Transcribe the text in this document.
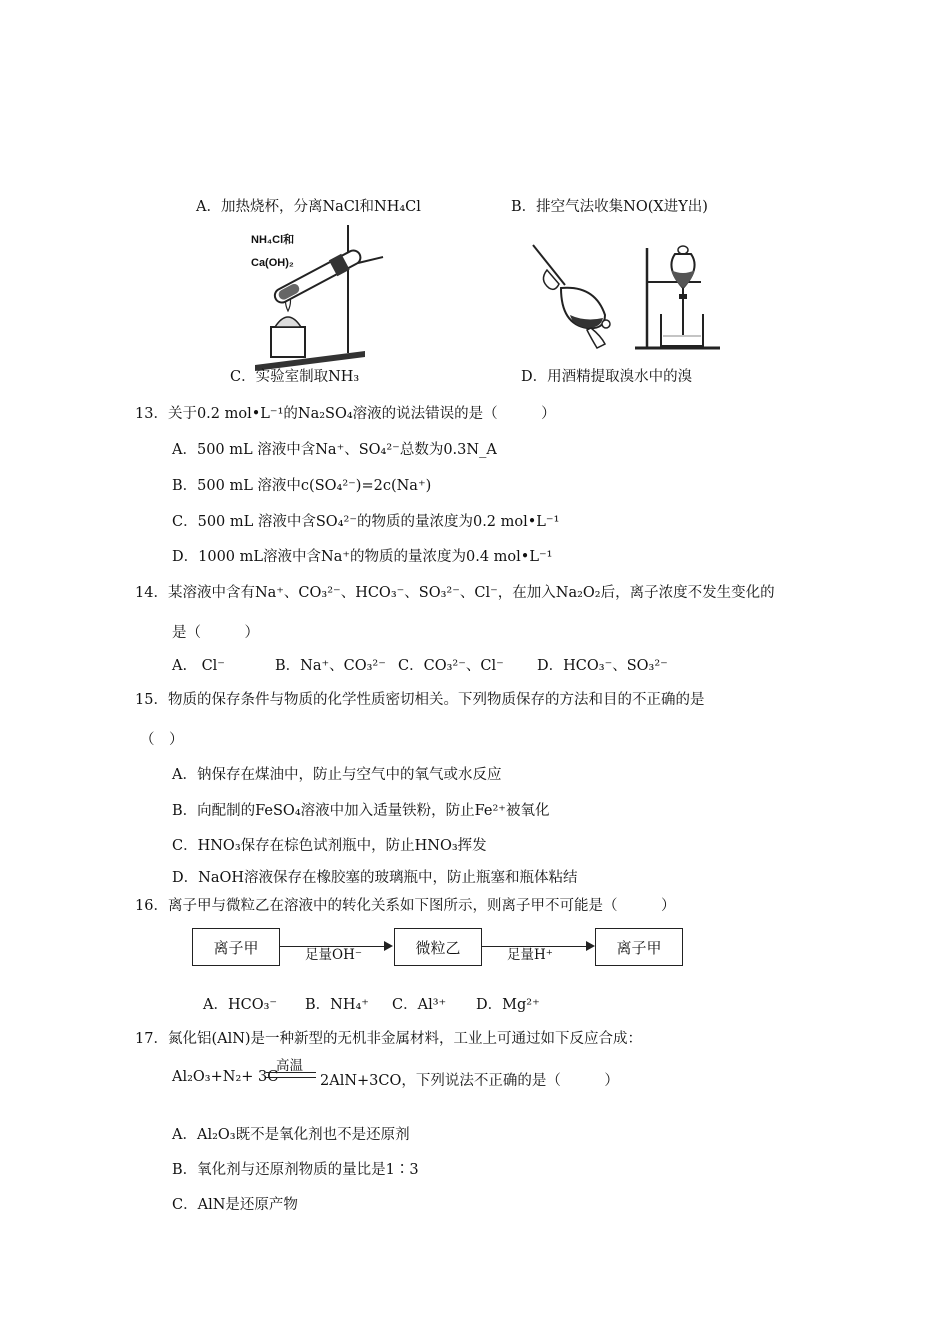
A．加热烧杯，分离NaCl和NH₄Cl	B．排空气法收集NO(X进Y出)
NH₄Cl和
Ca(OH)₂
C．实验室制取NH₃	D．用酒精提取溴水中的溴
13．关于0.2 mol•L⁻¹的Na₂SO₄溶液的说法错误的是（　　　）
A．500 mL 溶液中含Na⁺、SO₄²⁻总数为0.3N_A
B．500 mL 溶液中c(SO₄²⁻)=2c(Na⁺)
C．500 mL 溶液中含SO₄²⁻的物质的量浓度为0.2 mol•L⁻¹
D．1000 mL溶液中含Na⁺的物质的量浓度为0.4 mol•L⁻¹
14．某溶液中含有Na⁺、CO₃²⁻、HCO₃⁻、SO₃²⁻、Cl⁻，在加入Na₂O₂后，离子浓度不发生变化的
是（　　　）
A.　Cl⁻	B．Na⁺、CO₃²⁻ C．CO₃²⁻、Cl⁻ D．HCO₃⁻、SO₃²⁻
15．物质的保存条件与物质的化学性质密切相关。下列物质保存的方法和目的不正确的是
（　）
A．钠保存在煤油中，防止与空气中的氧气或水反应
B．向配制的FeSO₄溶液中加入适量铁粉，防止Fe²⁺被氧化
C．HNO₃保存在棕色试剂瓶中，防止HNO₃挥发
D．NaOH溶液保存在橡胶塞的玻璃瓶中，防止瓶塞和瓶体粘结
16．离子甲与微粒乙在溶液中的转化关系如下图所示，则离子甲不可能是（　　　）
离子甲	足量OH⁻	微粒乙	足量H⁺	离子甲
A．HCO₃⁻ B．NH₄⁺ C．Al³⁺ D．Mg²⁺
17．氮化铝(AlN)是一种新型的无机非金属材料，工业上可通过如下反应合成：
Al₂O₃+N₂+ 3C
高温
2AlN+3CO，下列说法不正确的是（　　　）
A．Al₂O₃既不是氧化剂也不是还原剂
B．氧化剂与还原剂物质的量比是1∶3
C．AlN是还原产物
